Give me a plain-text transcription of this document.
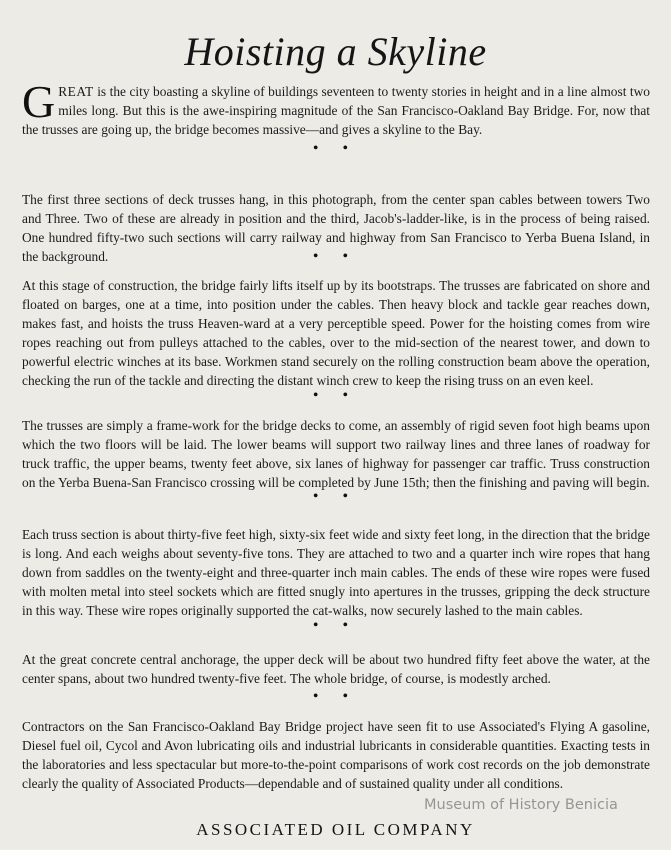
Hoisting a Skyline

GREAT is the city boasting a skyline of buildings seventeen to twenty stories in height and in a line almost two miles long. But this is the awe-inspiring magnitude of the San Francisco-Oakland Bay Bridge. For, now that the trusses are going up, the bridge becomes massive—and gives a skyline to the Bay.

• •

The first three sections of deck trusses hang, in this photograph, from the center span cables between towers Two and Three. Two of these are already in position and the third, Jacob's-ladder-like, is in the process of being raised. One hundred fifty-two such sections will carry railway and highway from San Francisco to Yerba Buena Island, in the background.	• •

At this stage of construction, the bridge fairly lifts itself up by its bootstraps. The trusses are fabricated on shore and floated on barges, one at a time, into position under the cables. Then heavy block and tackle gear reaches down, makes fast, and hoists the truss Heaven-ward at a very perceptible speed. Power for the hoisting comes from wire ropes reaching out from pulleys attached to the cables, over to the mid-section of the nearest tower, and down to powerful electric winches at its base. Workmen stand securely on the rolling construction beam above the operation, checking the run of the tackle and directing the distant winch crew to keep the rising truss on an even keel.

• •

The trusses are simply a frame-work for the bridge decks to come, an assembly of rigid seven foot high beams upon which the two floors will be laid. The lower beams will support two railway lines and three lanes of roadway for truck traffic, the upper beams, twenty feet above, six lanes of highway for passenger car traffic. Truss construction on the Yerba Buena-San Francisco crossing will be completed by June 15th; then the finishing and paving will begin.

• •

Each truss section is about thirty-five feet high, sixty-six feet wide and sixty feet long, in the direction that the bridge is long. And each weighs about seventy-five tons. They are attached to two and a quarter inch wire ropes that hang down from saddles on the twenty-eight and three-quarter inch main cables. The ends of these wire ropes were fused with molten metal into steel sockets which are fitted snugly into apertures in the trusses, gripping the deck structure in this way. These wire ropes originally supported the cat-walks, now securely lashed to the main cables.

• •

At the great concrete central anchorage, the upper deck will be about two hundred fifty feet above the water, at the center spans, about two hundred twenty-five feet. The whole bridge, of course, is modestly arched.

• •

Contractors on the San Francisco-Oakland Bay Bridge project have seen fit to use Associated's Flying A gasoline, Diesel fuel oil, Cycol and Avon lubricating oils and industrial lubricants in considerable quantities. Exacting tests in the laboratories and less spectacular but more-to-the-point comparisons of work cost records on the job demonstrate clearly the quality of Associated Products—dependable and of sustained quality under all conditions.

Museum of History Benicia
ASSOCIATED OIL COMPANY
